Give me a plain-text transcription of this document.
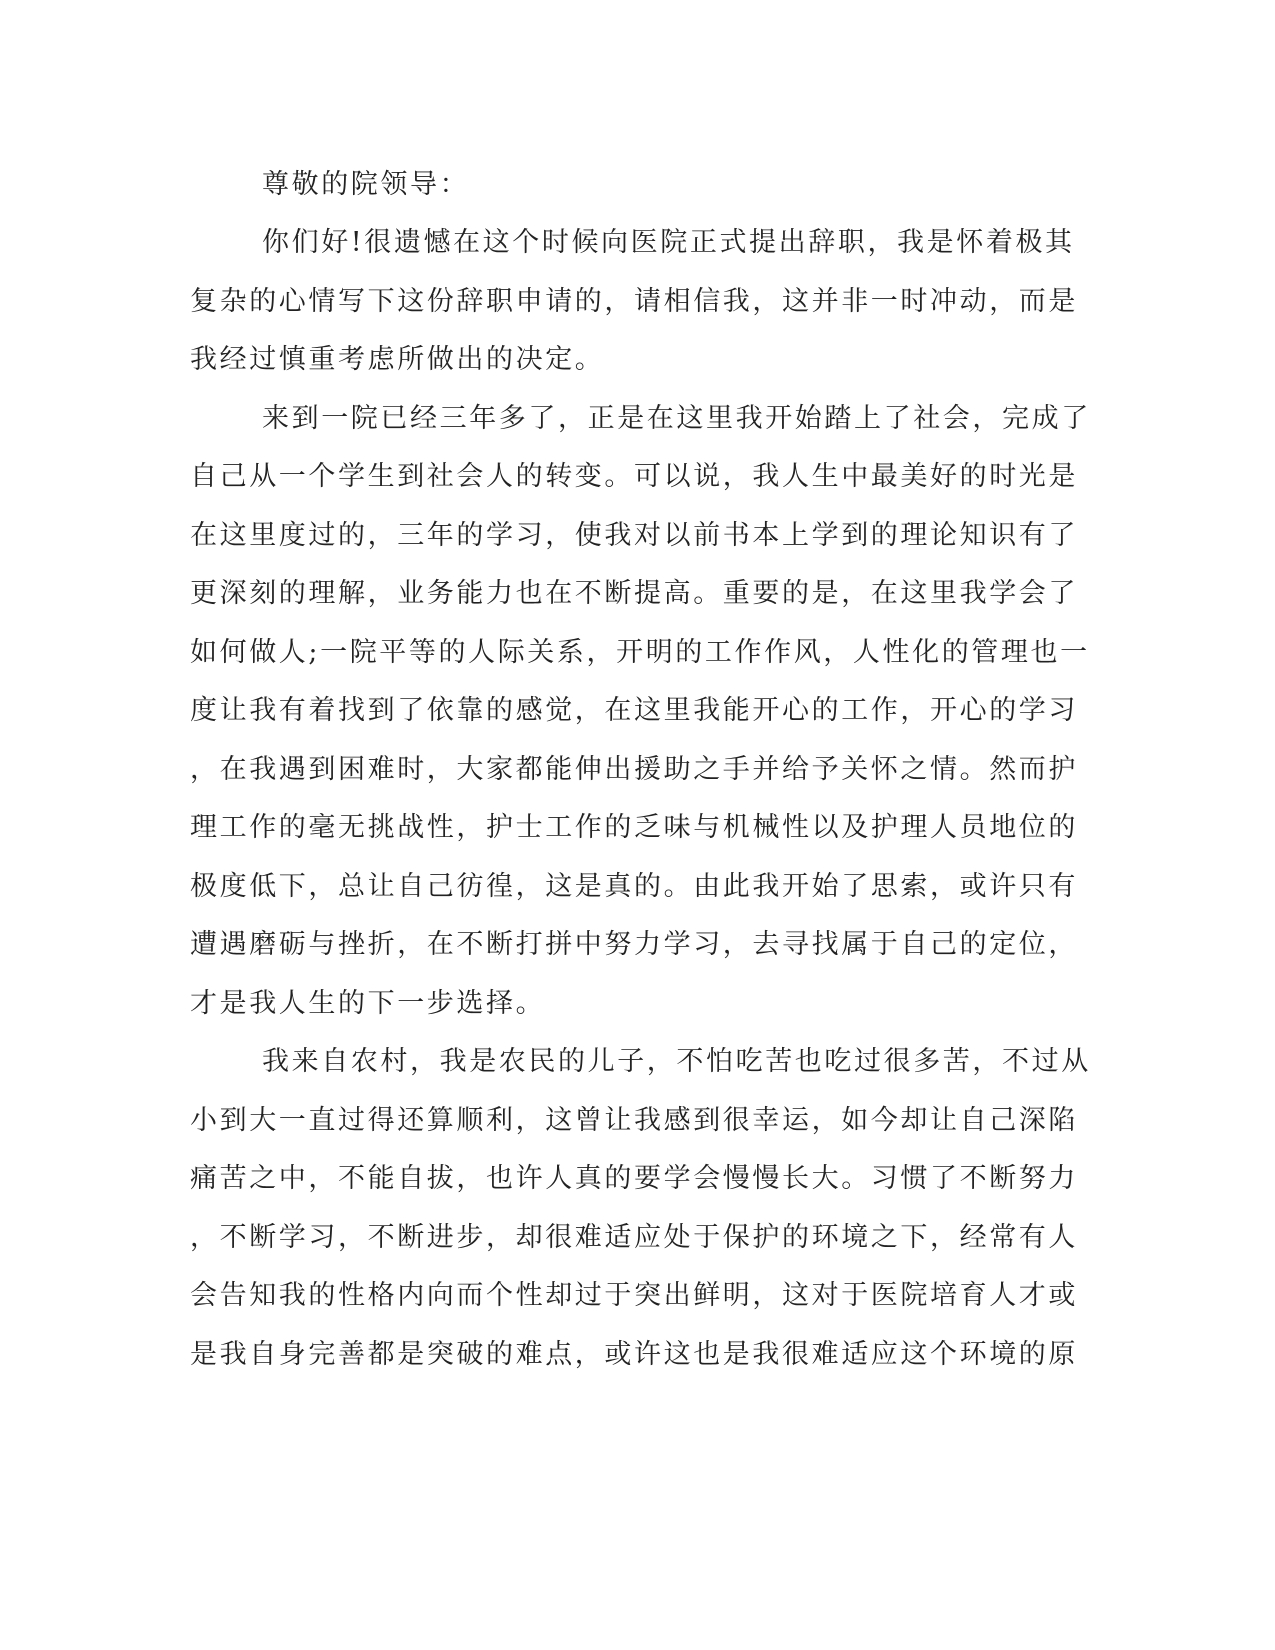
尊敬的院领导：
你们好!很遗憾在这个时候向医院正式提出辞职，我是怀着极其
复杂的心情写下这份辞职申请的，请相信我，这并非一时冲动，而是
我经过慎重考虑所做出的决定。
来到一院已经三年多了，正是在这里我开始踏上了社会，完成了
自己从一个学生到社会人的转变。可以说，我人生中最美好的时光是
在这里度过的，三年的学习，使我对以前书本上学到的理论知识有了
更深刻的理解，业务能力也在不断提高。重要的是，在这里我学会了
如何做人;一院平等的人际关系，开明的工作作风，人性化的管理也一
度让我有着找到了依靠的感觉，在这里我能开心的工作，开心的学习
，在我遇到困难时，大家都能伸出援助之手并给予关怀之情。然而护
理工作的毫无挑战性，护士工作的乏味与机械性以及护理人员地位的
极度低下，总让自己彷徨，这是真的。由此我开始了思索，或许只有
遭遇磨砺与挫折，在不断打拼中努力学习，去寻找属于自己的定位，
才是我人生的下一步选择。
我来自农村，我是农民的儿子，不怕吃苦也吃过很多苦，不过从
小到大一直过得还算顺利，这曾让我感到很幸运，如今却让自己深陷
痛苦之中，不能自拔，也许人真的要学会慢慢长大。习惯了不断努力
，不断学习，不断进步，却很难适应处于保护的环境之下，经常有人
会告知我的性格内向而个性却过于突出鲜明，这对于医院培育人才或
是我自身完善都是突破的难点，或许这也是我很难适应这个环境的原
